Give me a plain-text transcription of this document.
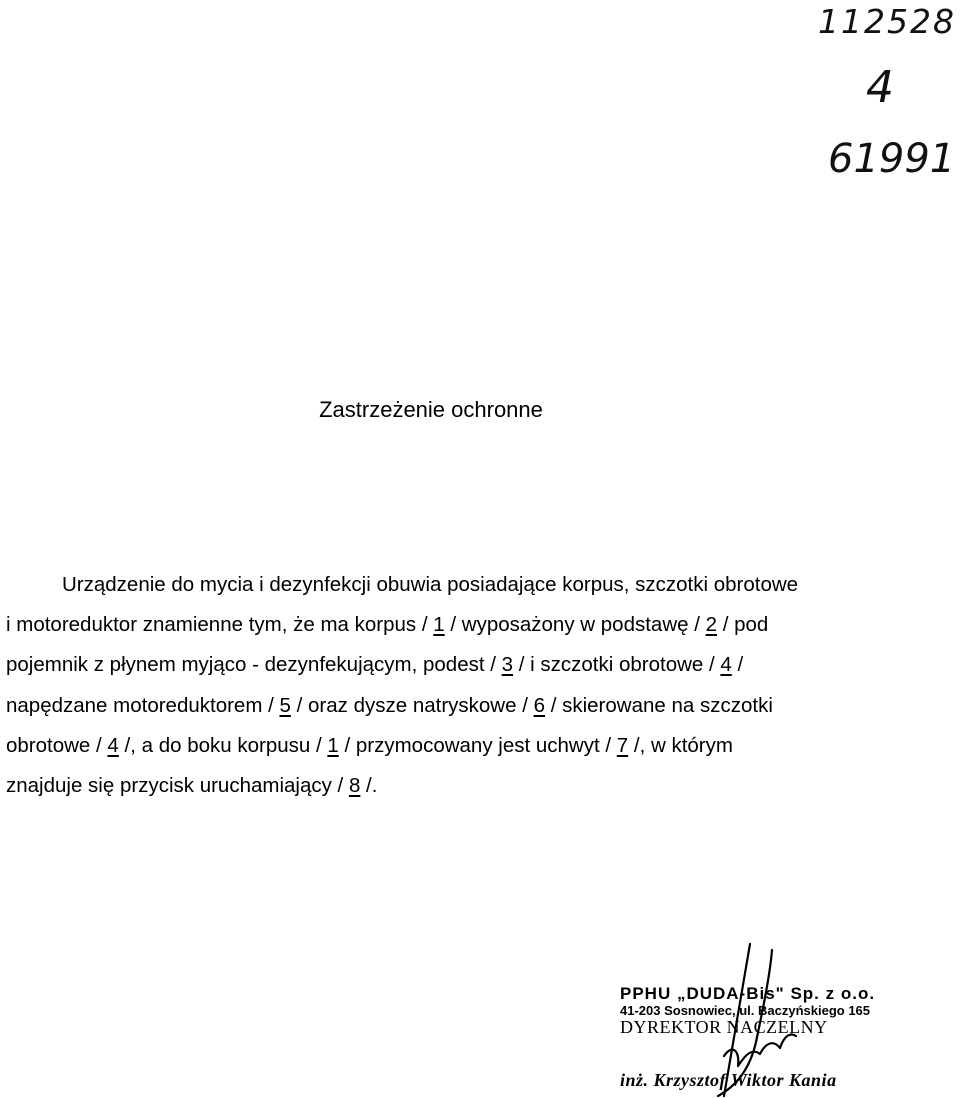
112528
4
61991
Zastrzeżenie ochronne
Urządzenie do mycia i dezynfekcji obuwia posiadające korpus, szczotki obrotowe
i motoreduktor znamienne tym, że ma korpus / 1 / wyposażony w podstawę / 2 / pod
pojemnik z płynem myjąco - dezynfekującym, podest / 3 / i szczotki obrotowe / 4 /
napędzane motoreduktorem / 5 / oraz dysze natryskowe / 6 / skierowane na szczotki
obrotowe / 4 /, a do boku korpusu / 1 / przymocowany jest uchwyt / 7 /, w którym
znajduje się przycisk uruchamiający / 8 /.
PPHU „DUDA-Bis" Sp. z o.o.
41-203 Sosnowiec, ul. Baczyńskiego 165
DYREKTOR NACZELNY
inż. Krzysztof Wiktor Kania
